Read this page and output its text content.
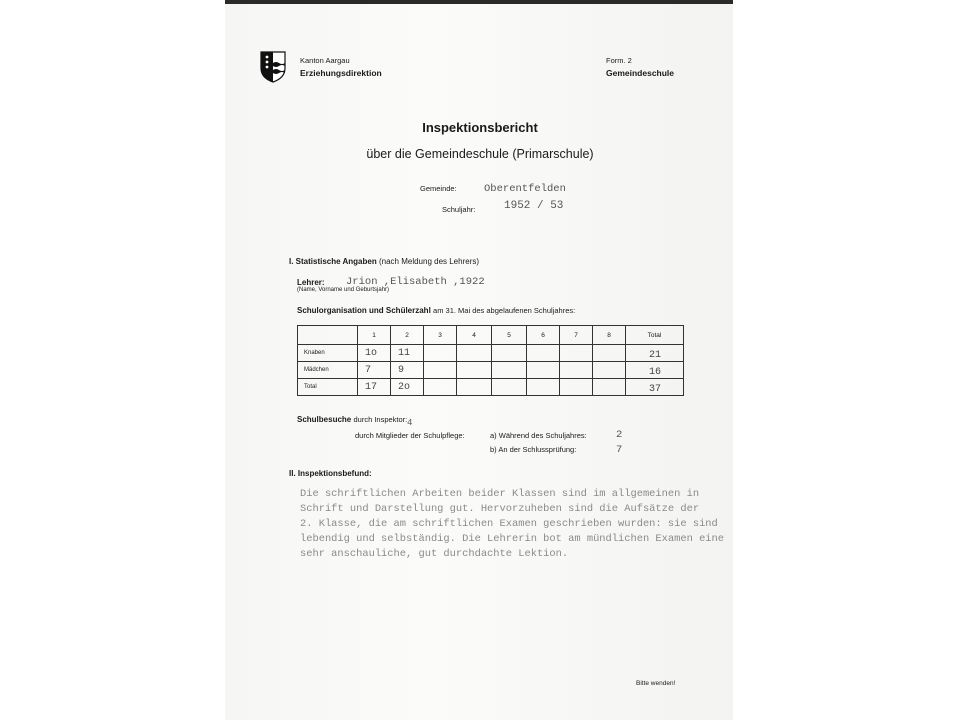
Kanton Aargau
Erziehungsdirektion
Form. 2
Gemeindeschule
Inspektionsbericht
über die Gemeindeschule (Primarschule)
Gemeinde:	Oberentfelden
Schuljahr:	1952 / 53
I. Statistische Angaben (nach Meldung des Lehrers)
Lehrer: Jrion ,Elisabeth ,1922
(Name, Vorname und Geburtsjahr)
Schulorganisation und Schülerzahl am 31. Mai des abgelaufenen Schuljahres:
	1	2	3	4	5	6	7	8	Total
Knaben	1o	11							21
Mädchen	7	9							16
Total	17	2o							37
Schulbesuche durch Inspektor: 4
durch Mitglieder der Schulpflege:	a) Während des Schuljahres:	2
b) An der Schlussprüfung:	7
II. Inspektionsbefund:
Die schriftlichen Arbeiten beider Klassen sind im allgemeinen in
Schrift und Darstellung gut. Hervorzuheben sind die Aufsätze der
2. Klasse, die am schriftlichen Examen geschrieben wurden: sie sind
lebendig und selbständig. Die Lehrerin bot am mündlichen Examen eine
sehr anschauliche, gut durchdachte Lektion.
Bitte wenden!
